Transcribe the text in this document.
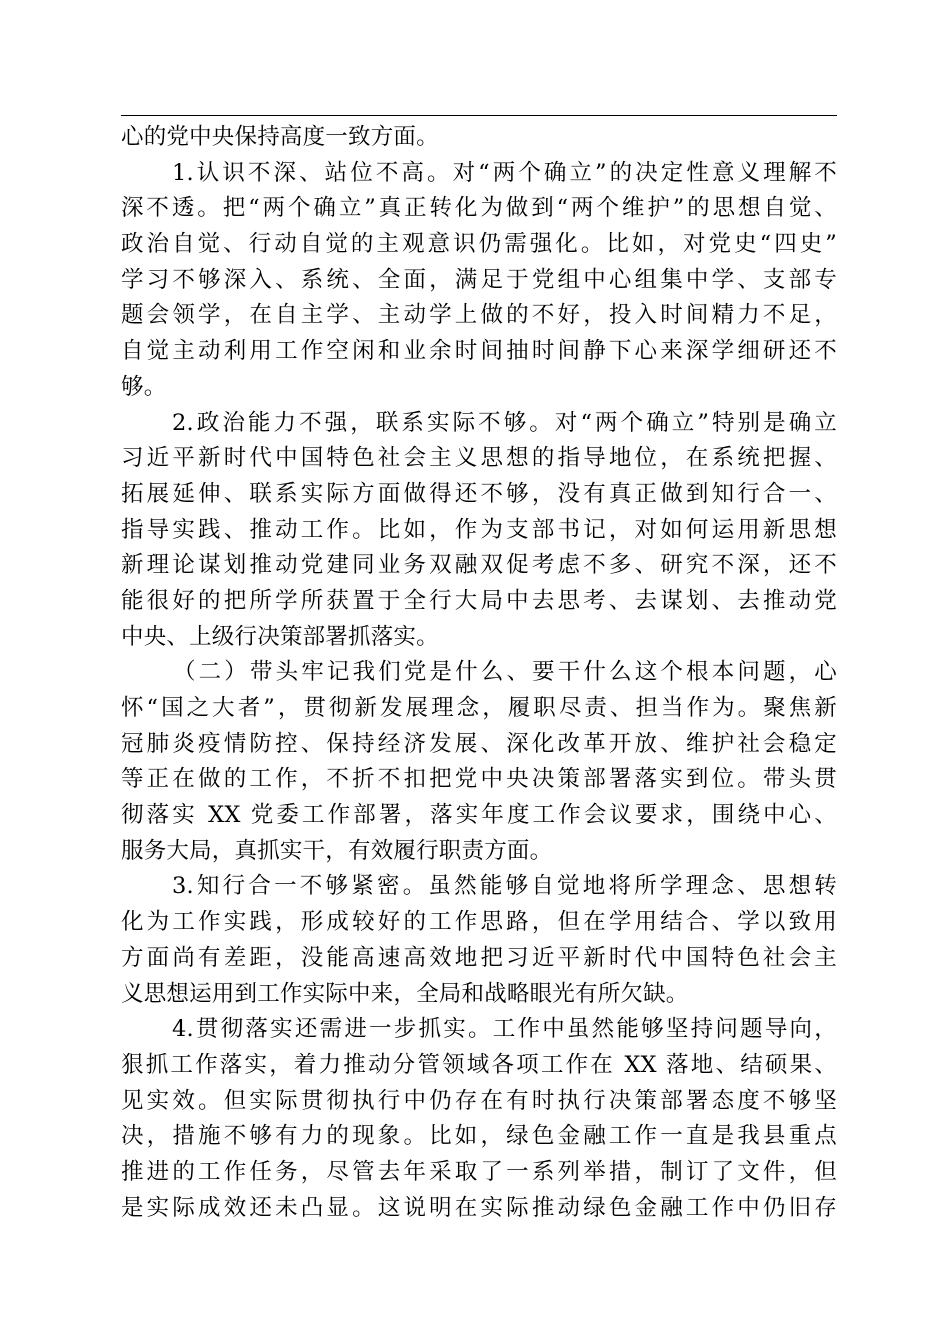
心的党中央保持高度一致方面。
1.认识不深、站位不高。对“两个确立”的决定性意义理解不
深不透。把“两个确立”真正转化为做到“两个维护”的思想自觉、
政治自觉、行动自觉的主观意识仍需强化。比如，对党史“四史”
学习不够深入、系统、全面，满足于党组中心组集中学、支部专
题会领学，在自主学、主动学上做的不好，投入时间精力不足，
自觉主动利用工作空闲和业余时间抽时间静下心来深学细研还不
够。
2.政治能力不强，联系实际不够。对“两个确立”特别是确立
习近平新时代中国特色社会主义思想的指导地位，在系统把握、
拓展延伸、联系实际方面做得还不够，没有真正做到知行合一、
指导实践、推动工作。比如，作为支部书记，对如何运用新思想
新理论谋划推动党建同业务双融双促考虑不多、研究不深，还不
能很好的把所学所获置于全行大局中去思考、去谋划、去推动党
中央、上级行决策部署抓落实。
（二）带头牢记我们党是什么、要干什么这个根本问题，心
怀“国之大者”，贯彻新发展理念，履职尽责、担当作为。聚焦新
冠肺炎疫情防控、保持经济发展、深化改革开放、维护社会稳定
等正在做的工作，不折不扣把党中央决策部署落实到位。带头贯
彻落实 XX 党委工作部署，落实年度工作会议要求，围绕中心、
服务大局，真抓实干，有效履行职责方面。
3.知行合一不够紧密。虽然能够自觉地将所学理念、思想转
化为工作实践，形成较好的工作思路，但在学用结合、学以致用
方面尚有差距，没能高速高效地把习近平新时代中国特色社会主
义思想运用到工作实际中来，全局和战略眼光有所欠缺。
4.贯彻落实还需进一步抓实。工作中虽然能够坚持问题导向，
狠抓工作落实，着力推动分管领域各项工作在 XX 落地、结硕果、
见实效。但实际贯彻执行中仍存在有时执行决策部署态度不够坚
决，措施不够有力的现象。比如，绿色金融工作一直是我县重点
推进的工作任务，尽管去年采取了一系列举措，制订了文件，但
是实际成效还未凸显。这说明在实际推动绿色金融工作中仍旧存
